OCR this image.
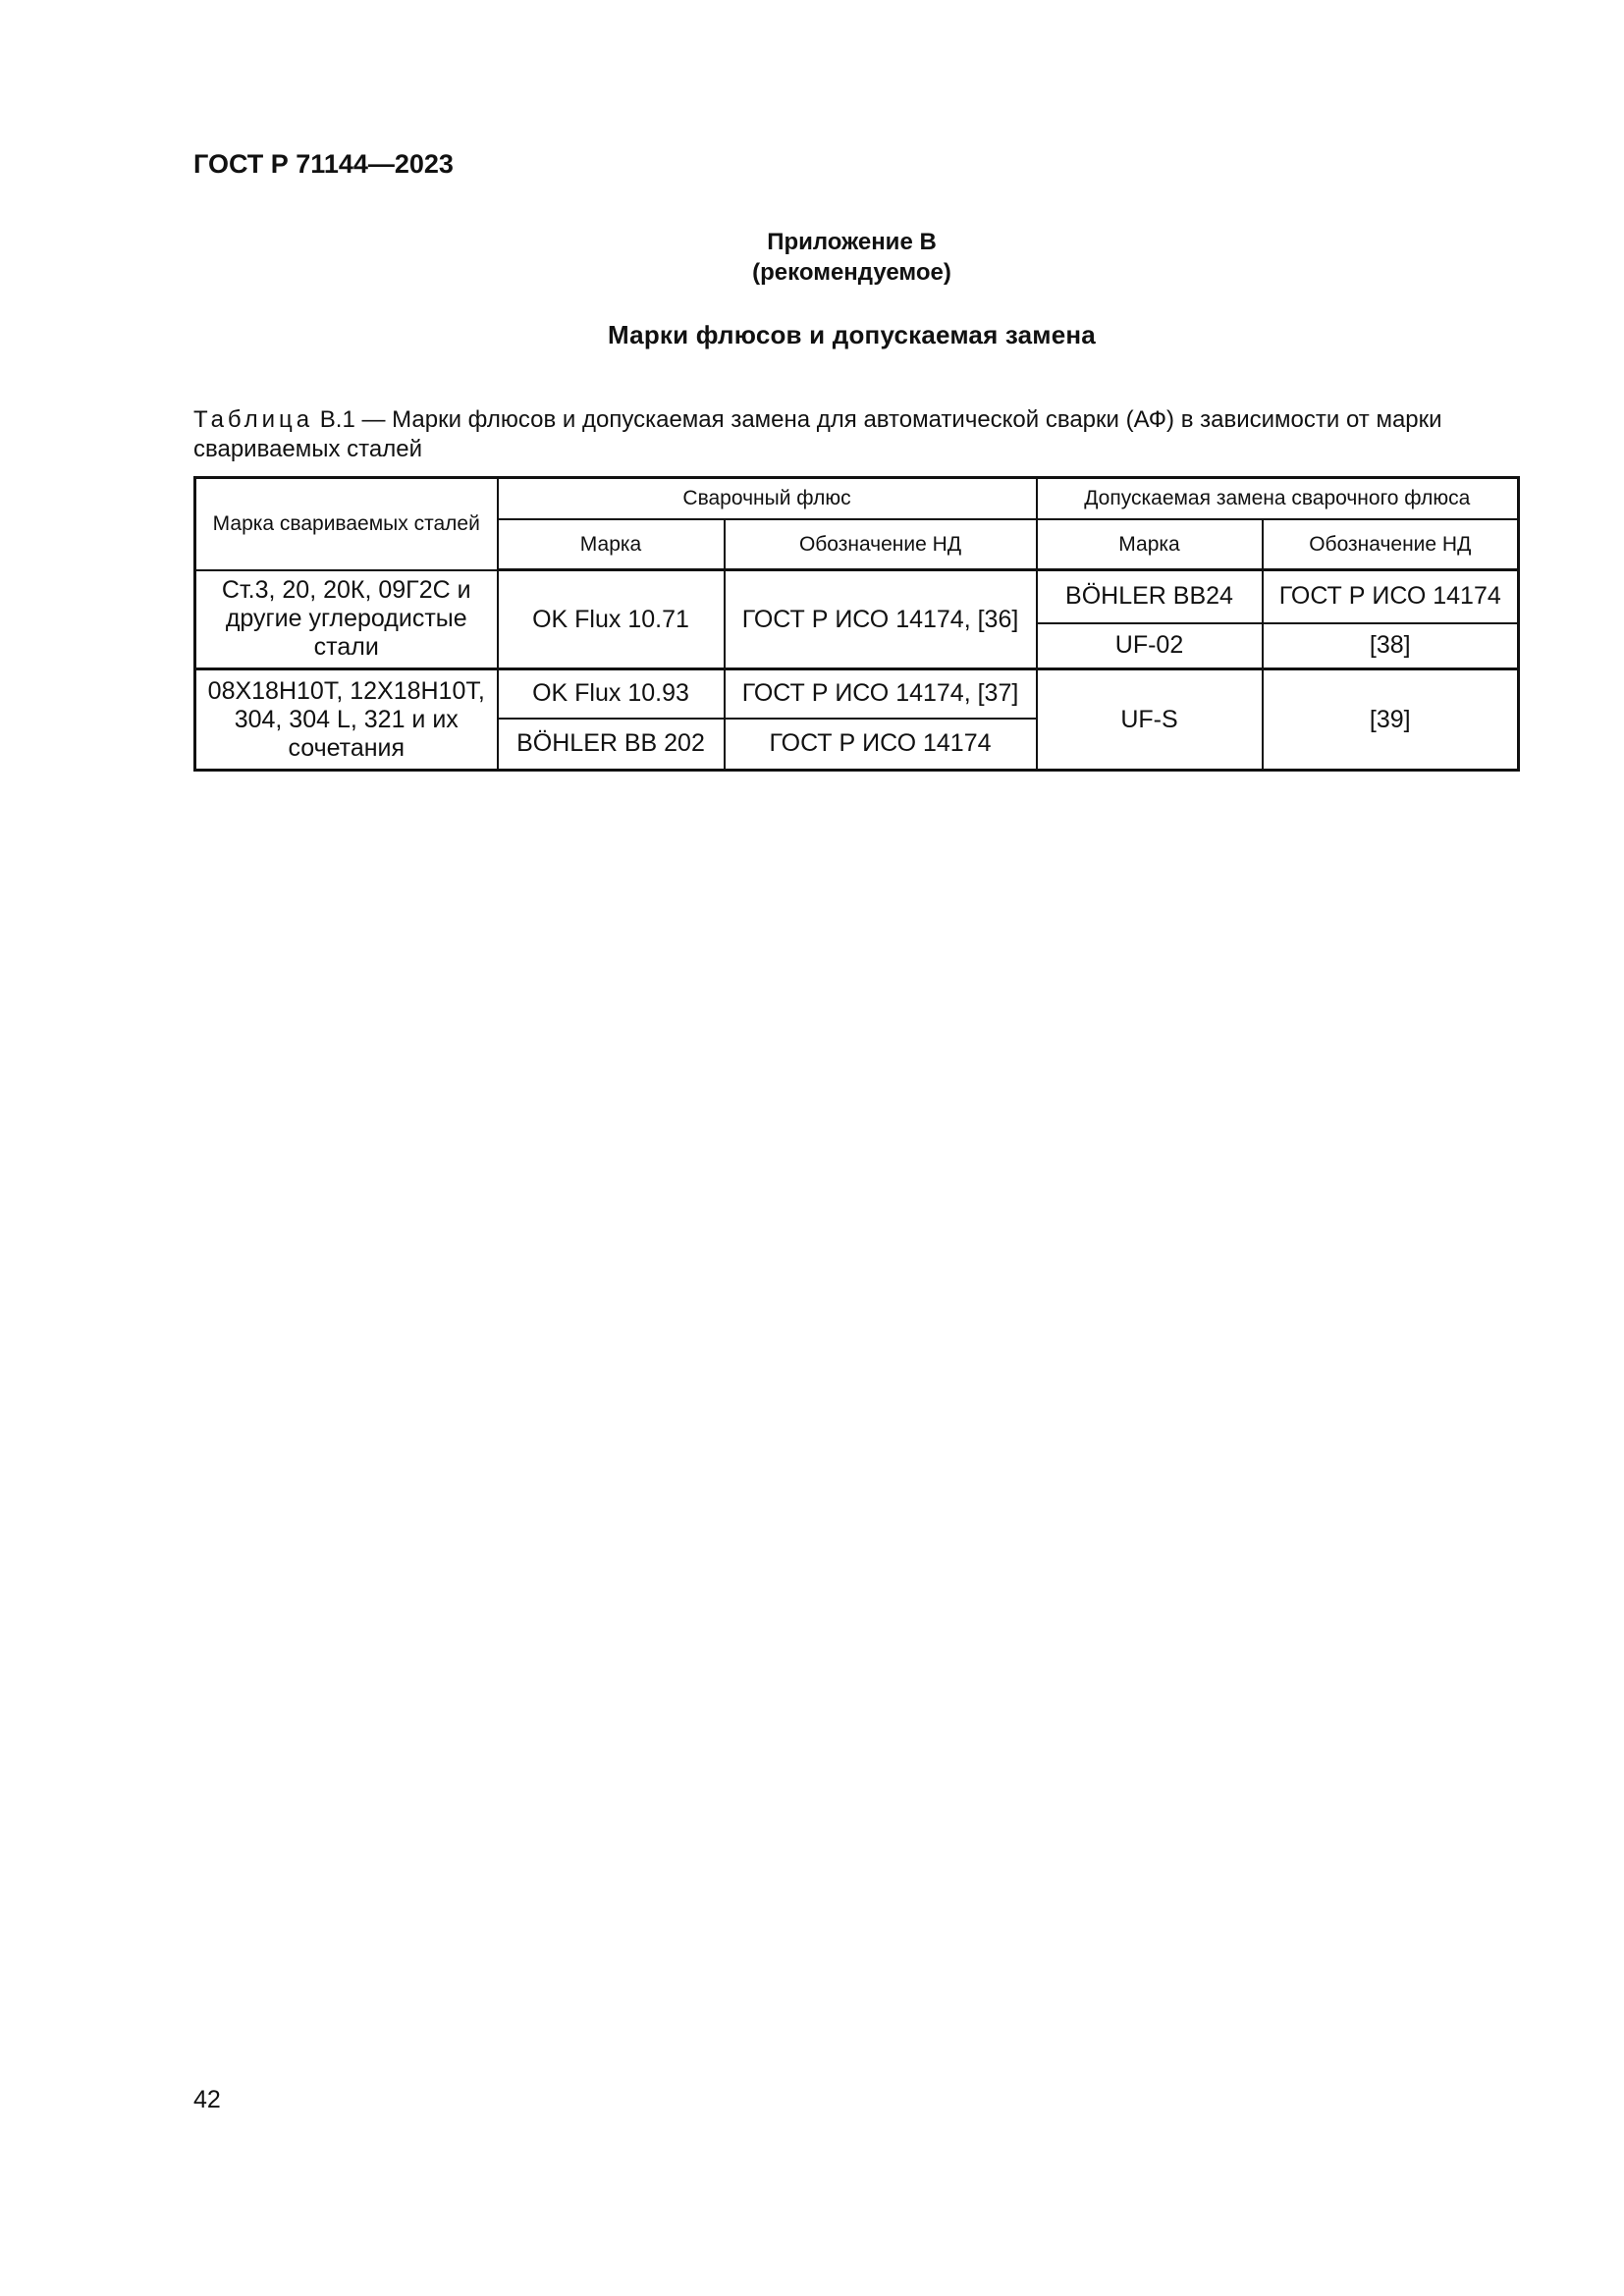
ГОСТ Р 71144—2023

Приложение В

(рекомендуемое)

Марки флюсов и допускаемая замена

Таблица В.1 — Марки флюсов и допускаемая замена для автоматической сварки (АФ) в зависимости от марки свариваемых сталей

Марка свариваемых сталей	Сварочный флюс		Допускаемая замена сварочного флюса	
	Марка	Обозначение НД	Марка	Обозначение НД
Ст.3, 20, 20К, 09Г2С и другие углеродистые стали	OK Flux 10.71	ГОСТ Р ИСО 14174, [36]	BÖHLER BB24	ГОСТ Р ИСО 14174
			UF-02	[38]
08Х18Н10Т, 12Х18Н10Т, 304, 304 L, 321 и их сочетания	OK Flux 10.93	ГОСТ Р ИСО 14174, [37]	UF-S	[39]
	BÖHLER BB 202	ГОСТ Р ИСО 14174		

42
